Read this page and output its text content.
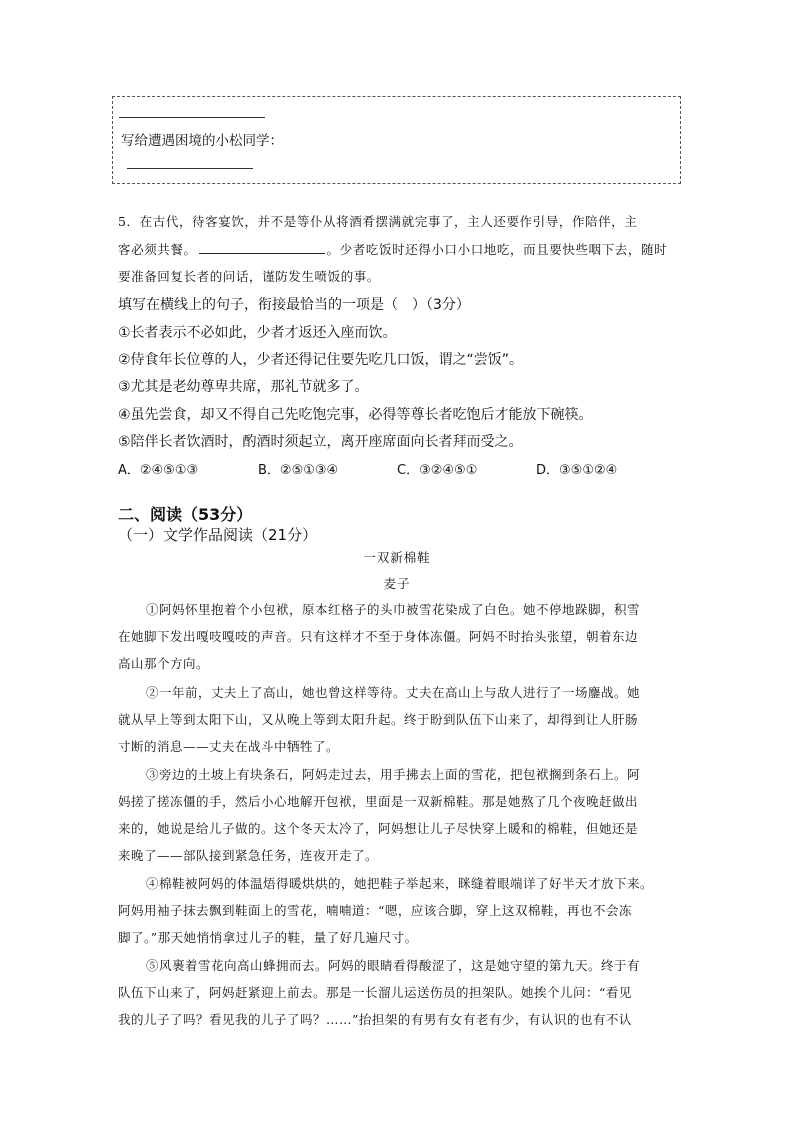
写给遭遇困境的小松同学：
5．在古代，待客宴饮，并不是等仆从将酒肴摆满就完事了，主人还要作引导，作陪伴，主
客必须共餐。	。少者吃饭时还得小口小口地吃，而且要快些咽下去，随时
要准备回复长者的问话，谨防发生喷饭的事。
填写在横线上的句子，衔接最恰当的一项是（　）（3分）
①长者表示不必如此，少者才返还入座而饮。
②侍食年长位尊的人，少者还得记住要先吃几口饭，谓之“尝饭”。
③尤其是老幼尊卑共席，那礼节就多了。
④虽先尝食，却又不得自己先吃饱完事，必得等尊长者吃饱后才能放下碗筷。
⑤陪伴长者饮酒时，酌酒时须起立，离开座席面向长者拜而受之。
A．②④⑤①③	B．②⑤①③④	C．③②④⑤①	D．③⑤①②④
二、阅读（53分）
（一）文学作品阅读（21分）
一双新棉鞋
麦子
①阿妈怀里抱着个小包袱，原本红格子的头巾被雪花染成了白色。她不停地跺脚，积雪
在她脚下发出嘎吱嘎吱的声音。只有这样才不至于身体冻僵。阿妈不时抬头张望，朝着东边
高山那个方向。
②一年前，丈夫上了高山，她也曾这样等待。丈夫在高山上与敌人进行了一场鏖战。她
就从早上等到太阳下山，又从晚上等到太阳升起。终于盼到队伍下山来了，却得到让人肝肠
寸断的消息——丈夫在战斗中牺牲了。
③旁边的土坡上有块条石，阿妈走过去，用手拂去上面的雪花，把包袱搁到条石上。阿
妈搓了搓冻僵的手，然后小心地解开包袱，里面是一双新棉鞋。那是她熬了几个夜晚赶做出
来的，她说是给儿子做的。这个冬天太冷了，阿妈想让儿子尽快穿上暖和的棉鞋，但她还是
来晚了——部队接到紧急任务，连夜开走了。
④棉鞋被阿妈的体温焐得暖烘烘的，她把鞋子举起来，眯缝着眼端详了好半天才放下来。
阿妈用袖子抹去飘到鞋面上的雪花，喃喃道：“嗯，应该合脚，穿上这双棉鞋，再也不会冻
脚了。”那天她悄悄拿过儿子的鞋，量了好几遍尺寸。
⑤风裹着雪花向高山蜂拥而去。阿妈的眼睛看得酸涩了，这是她守望的第九天。终于有
队伍下山来了，阿妈赶紧迎上前去。那是一长溜儿运送伤员的担架队。她挨个儿问：“看见
我的儿子了吗？看见我的儿子了吗？……”抬担架的有男有女有老有少，有认识的也有不认
